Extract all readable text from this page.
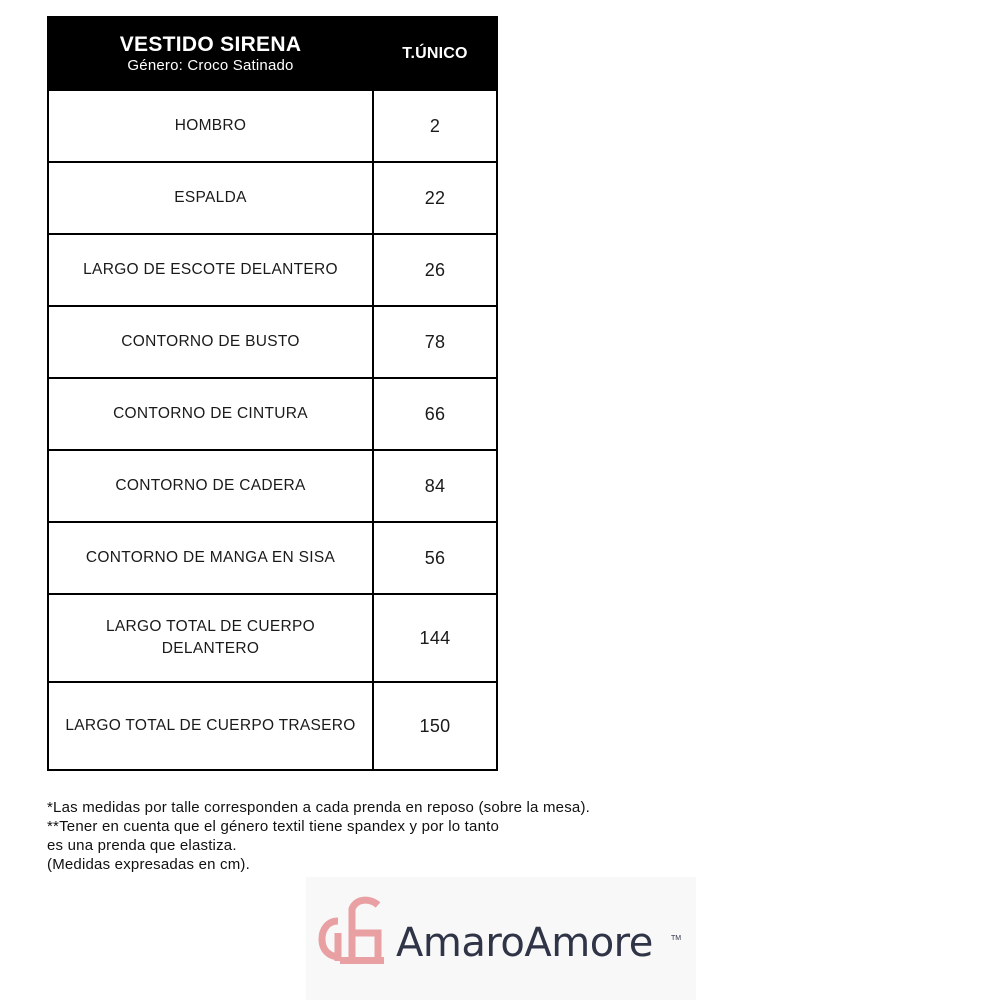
VESTIDO SIRENA
Género: Croco Satinado	T.ÚNICO
HOMBRO	2
ESPALDA	22
LARGO DE ESCOTE DELANTERO	26
CONTORNO DE BUSTO	78
CONTORNO DE CINTURA	66
CONTORNO DE CADERA	84
CONTORNO DE MANGA EN SISA	56
LARGO TOTAL DE CUERPO DELANTERO	144
LARGO TOTAL DE CUERPO TRASERO	150
*Las medidas por talle corresponden a cada prenda en reposo (sobre la mesa).
**Tener en cuenta que el género textil tiene spandex y por lo tanto
es una prenda que elastiza.
(Medidas expresadas en cm).
AmaroAmore	TM
